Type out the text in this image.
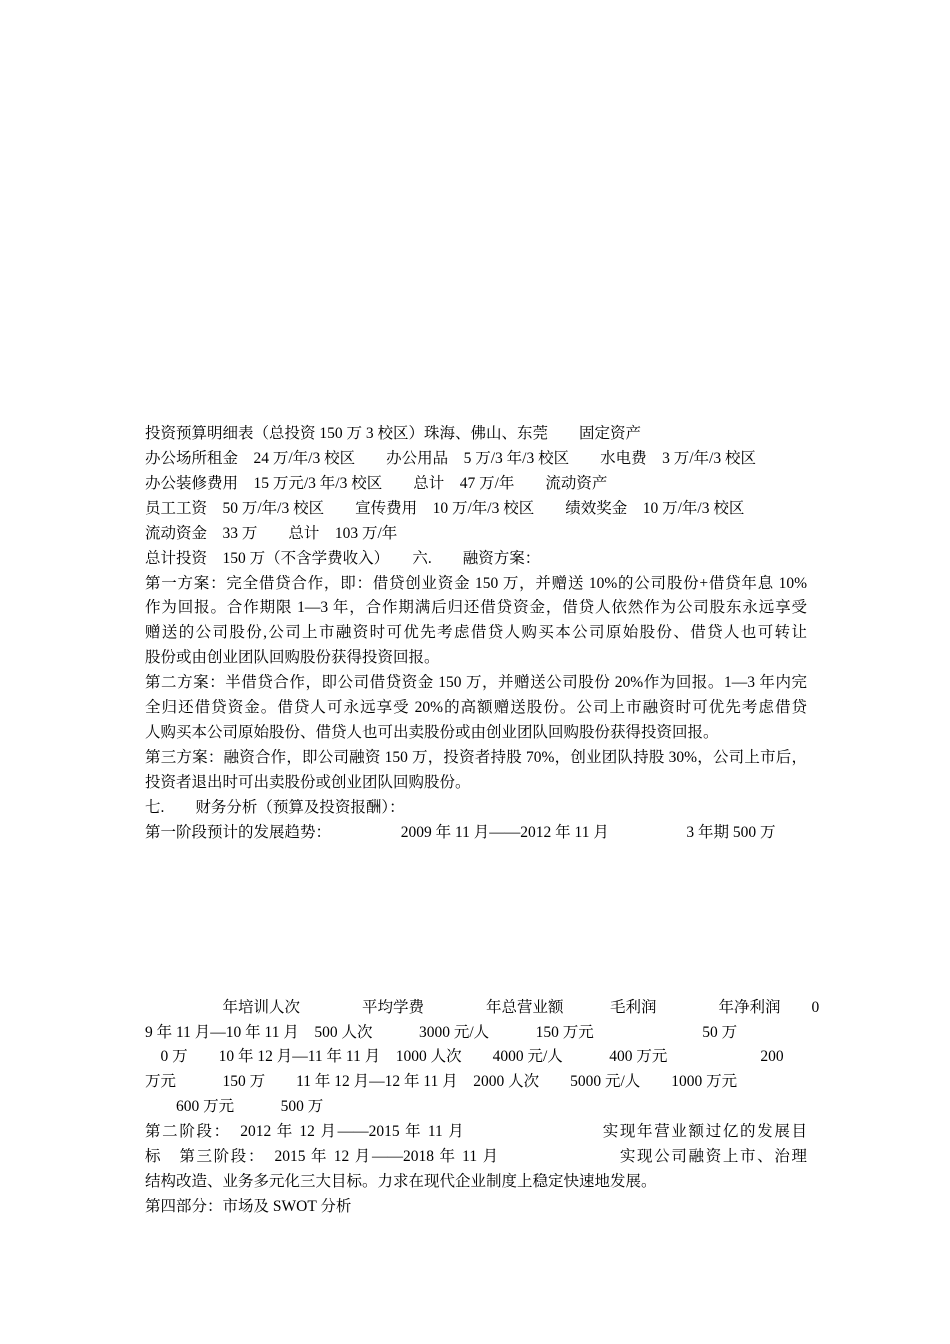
投资预算明细表（总投资 150 万 3 校区）珠海、佛山、东莞　　固定资产
办公场所租金　24 万/年/3 校区　　办公用品　5 万/3 年/3 校区　　水电费　3 万/年/3 校区
办公装修费用　15 万元/3 年/3 校区　　总计　47 万/年　　流动资产
员工工资　50 万/年/3 校区　　宣传费用　10 万/年/3 校区　　绩效奖金　10 万/年/3 校区
流动资金　33 万　　总计　103 万/年
总计投资　150 万（不含学费收入）　　六.　　融资方案：
第一方案：完全借贷合作，即：借贷创业资金 150 万，并赠送 10%的公司股份+借贷年息 10%
作为回报。合作期限 1—3 年，合作期满后归还借贷资金，借贷人依然作为公司股东永远享受
赠送的公司股份,公司上市融资时可优先考虑借贷人购买本公司原始股份、借贷人也可转让
股份或由创业团队回购股份获得投资回报。
第二方案：半借贷合作，即公司借贷资金 150 万，并赠送公司股份 20%作为回报。1—3 年内完
全归还借贷资金。借贷人可永远享受 20%的高额赠送股份。公司上市融资时可优先考虑借贷
人购买本公司原始股份、借贷人也可出卖股份或由创业团队回购股份获得投资回报。
第三方案：融资合作，即公司融资 150 万，投资者持股 70%，创业团队持股 30%，公司上市后，
投资者退出时可出卖股份或创业团队回购股份。
七.　　财务分析（预算及投资报酬）：
第一阶段预计的发展趋势：　　　　　2009 年 11 月——2012 年 11 月　　　　　3 年期 500 万
　　　　　年培训人次　　　　平均学费　　　　年总营业额　　　毛利润　　　　年净利润　　0
9 年 11 月—10 年 11 月　500 人次　　　3000 元/人　　　150 万元　　　　　　　50 万
　0 万　　10 年 12 月—11 年 11 月　1000 人次　　4000 元/人　　　400 万元　　　　　　200
万元　　　150 万　　11 年 12 月—12 年 11 月　2000 人次　　5000 元/人　　1000 万元
　　600 万元　　　500 万
第二阶段：　2012 年 12 月——2015 年 11 月　　　　　　　　实现年营业额过亿的发展目
标　第三阶段：　2015 年 12 月——2018 年 11 月　　　　　　　实现公司融资上市、治理
结构改造、业务多元化三大目标。力求在现代企业制度上稳定快速地发展。
第四部分：市场及 SWOT 分析
